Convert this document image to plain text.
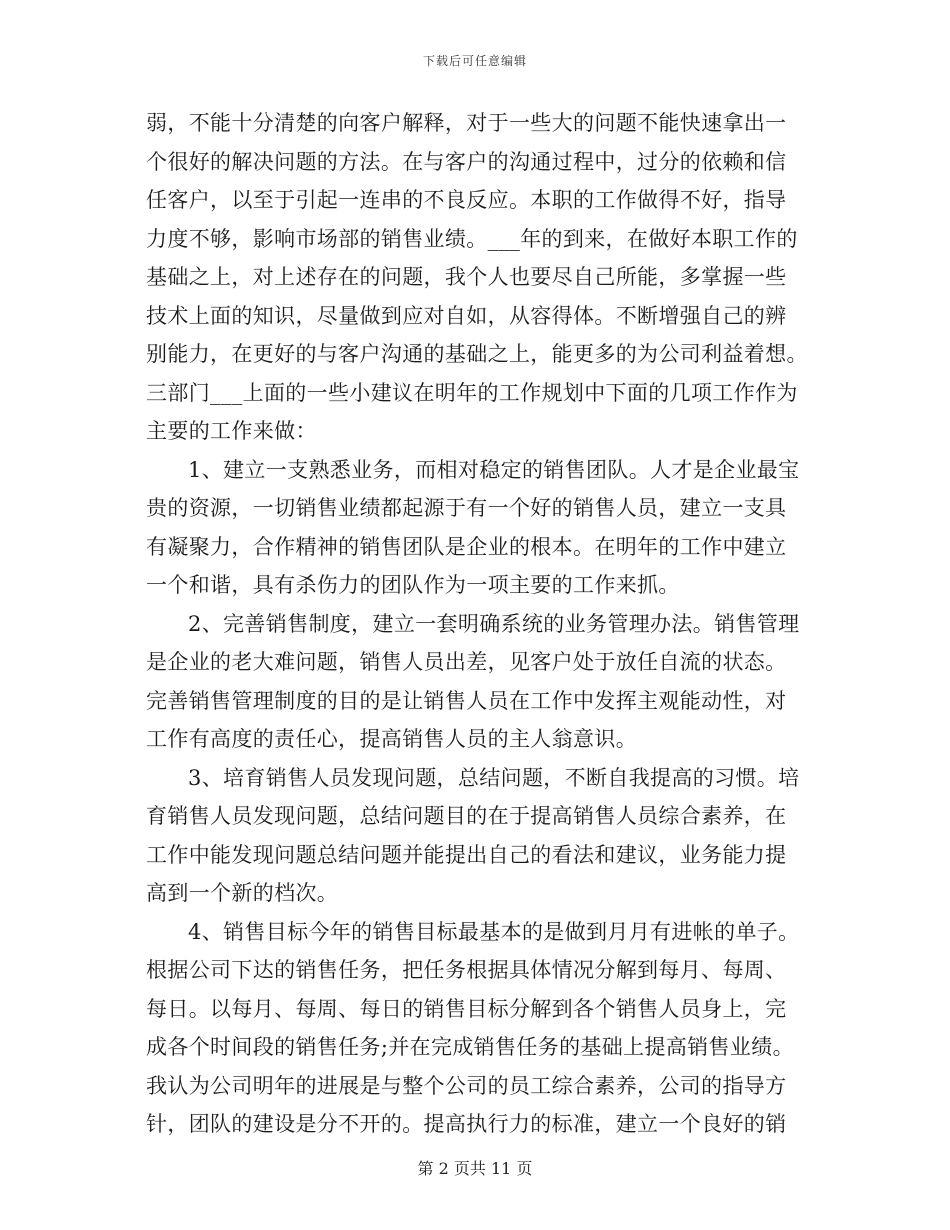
下载后可任意编辑
弱，不能十分清楚的向客户解释，对于一些大的问题不能快速拿出一
个很好的解决问题的方法。在与客户的沟通过程中，过分的依赖和信
任客户，以至于引起一连串的不良反应。本职的工作做得不好，指导
力度不够，影响市场部的销售业绩。___年的到来，在做好本职工作的
基础之上，对上述存在的问题，我个人也要尽自己所能，多掌握一些
技术上面的知识，尽量做到应对自如，从容得体。不断增强自己的辨
别能力，在更好的与客户沟通的基础之上，能更多的为公司利益着想。
三部门___上面的一些小建议在明年的工作规划中下面的几项工作作为
主要的工作来做：
1、建立一支熟悉业务，而相对稳定的销售团队。人才是企业最宝
贵的资源，一切销售业绩都起源于有一个好的销售人员，建立一支具
有凝聚力，合作精神的销售团队是企业的根本。在明年的工作中建立
一个和谐，具有杀伤力的团队作为一项主要的工作来抓。
2、完善销售制度，建立一套明确系统的业务管理办法。销售管理
是企业的老大难问题，销售人员出差，见客户处于放任自流的状态。
完善销售管理制度的目的是让销售人员在工作中发挥主观能动性，对
工作有高度的责任心，提高销售人员的主人翁意识。
3、培育销售人员发现问题，总结问题，不断自我提高的习惯。培
育销售人员发现问题，总结问题目的在于提高销售人员综合素养，在
工作中能发现问题总结问题并能提出自己的看法和建议，业务能力提
高到一个新的档次。
4、销售目标今年的销售目标最基本的是做到月月有进帐的单子。
根据公司下达的销售任务，把任务根据具体情况分解到每月、每周、
每日。以每月、每周、每日的销售目标分解到各个销售人员身上，完
成各个时间段的销售任务;并在完成销售任务的基础上提高销售业绩。
我认为公司明年的进展是与整个公司的员工综合素养，公司的指导方
针，团队的建设是分不开的。提高执行力的标准，建立一个良好的销
第 2 页共 11 页
